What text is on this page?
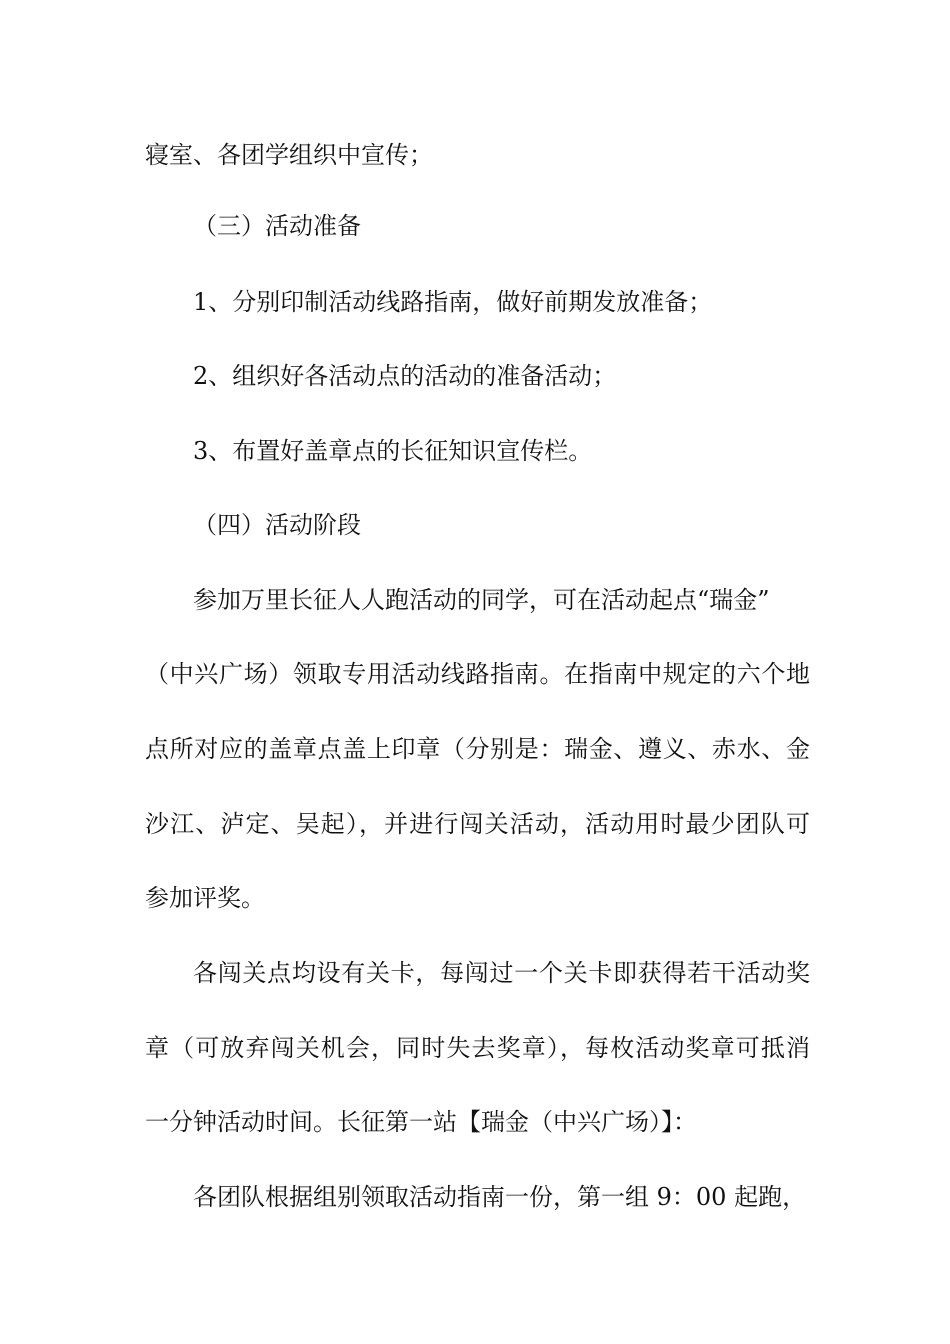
寝室、各团学组织中宣传；
（三）活动准备
1、分别印制活动线路指南，做好前期发放准备；
2、组织好各活动点的活动的准备活动；
3、布置好盖章点的长征知识宣传栏。
（四）活动阶段
参加万里长征人人跑活动的同学，可在活动起点“瑞金”
（中兴广场）领取专用活动线路指南。在指南中规定的六个地
点所对应的盖章点盖上印章（分别是：瑞金、遵义、赤水、金
沙江、泸定、吴起），并进行闯关活动，活动用时最少团队可
参加评奖。
各闯关点均设有关卡，每闯过一个关卡即获得若干活动奖
章（可放弃闯关机会，同时失去奖章），每枚活动奖章可抵消
一分钟活动时间。长征第一站【瑞金（中兴广场）】：
各团队根据组别领取活动指南一份，第一组 9：00 起跑，
